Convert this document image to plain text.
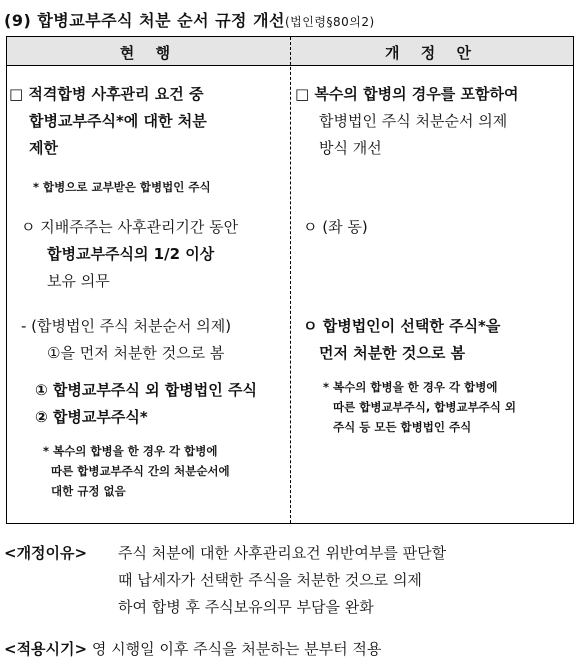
(9) 합병교부주식 처분 순서 규정 개선(법인령§80의2)
현 행	개 정 안
□ 적격합병 사후관리 요건 중
합병교부주식*에 대한 처분
제한
* 합병으로 교부받은 합병법인 주식
ㅇ 지배주주는 사후관리기간 동안
합병교부주식의 1/2 이상
보유 의무
- (합병법인 주식 처분순서 의제)
①을 먼저 처분한 것으로 봄
① 합병교부주식 외 합병법인 주식
② 합병교부주식*
* 복수의 합병을 한 경우 각 합병에
따른 합병교부주식 간의 처분순서에
대한 규정 없음
□ 복수의 합병의 경우를 포함하여
합병법인 주식 처분순서 의제
방식 개선
ㅇ (좌 동)
ㅇ 합병법인이 선택한 주식*을
먼저 처분한 것으로 봄
* 복수의 합병을 한 경우 각 합병에
따른 합병교부주식, 합병교부주식 외
주식 등 모든 합병법인 주식
<개정이유> 주식 처분에 대한 사후관리요건 위반여부를 판단할
때 납세자가 선택한 주식을 처분한 것으로 의제
하여 합병 후 주식보유의무 부담을 완화
<적용시기> 영 시행일 이후 주식을 처분하는 분부터 적용
